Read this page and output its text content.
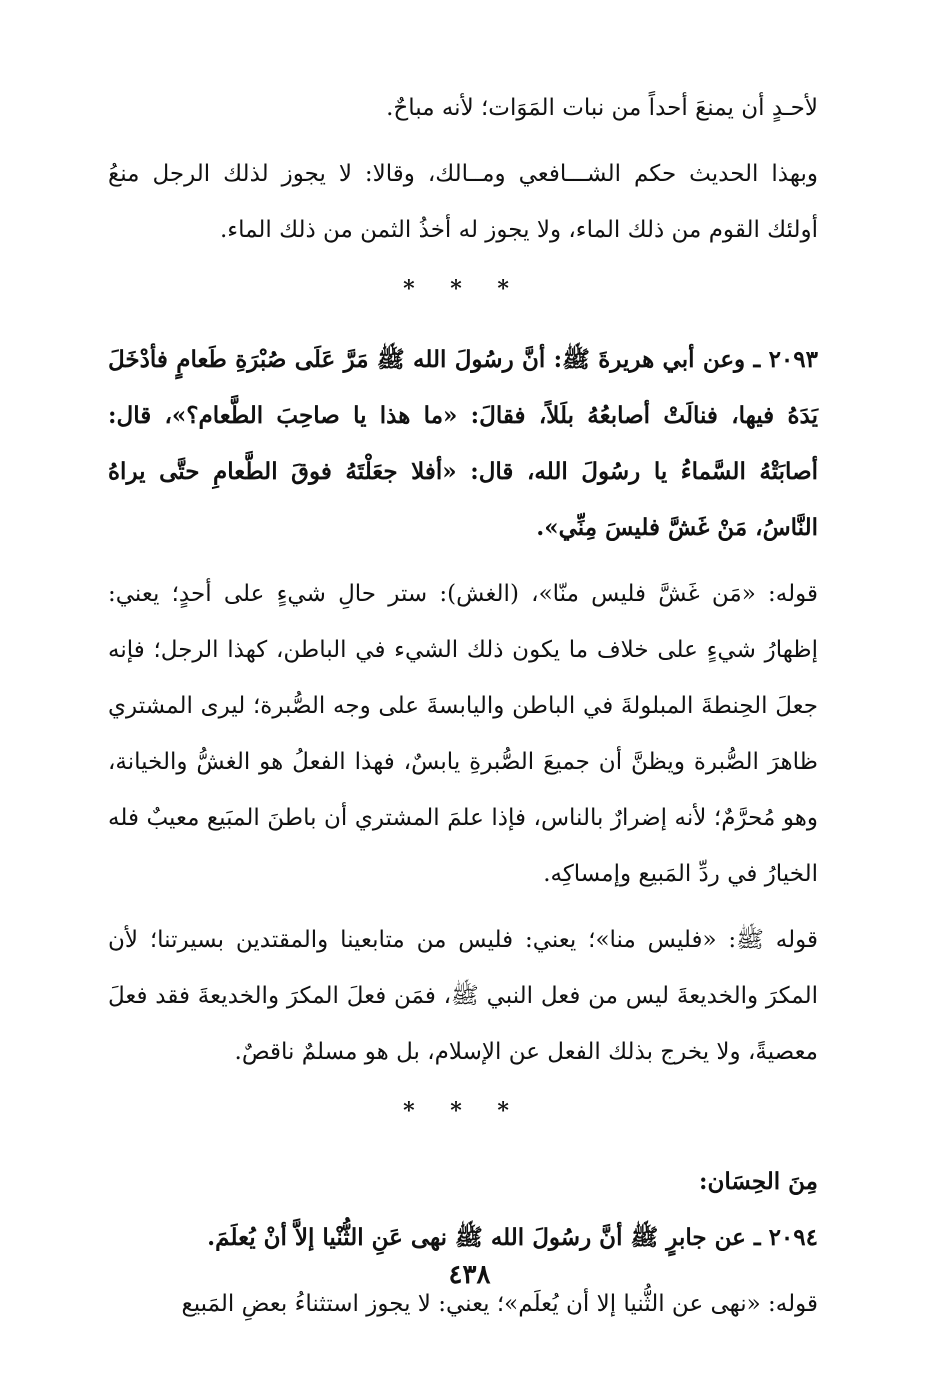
لأحـدٍ أن يمنعَ أحداً من نبات المَوَات؛ لأنه مباحٌ.

وبهذا الحديث حكم الشـــافعي ومــالك، وقالا: لا يجوز لذلك الرجل منعُ أولئك القوم من ذلك الماء، ولا يجوز له أخذُ الثمن من ذلك الماء.

* * *

٢٠٩٣ ـ وعن أبي هريرةَ ﷺ: أنَّ رسُولَ الله ﷺ مَرَّ عَلَى صُبْرَةِ طَعامٍ فأدْخَلَ يَدَهُ فيها، فنالَتْ أصابعُهُ بلَلاً، فقالَ: «ما هذا يا صاحِبَ الطَّعام؟»، قال: أصابَتْهُ السَّماءُ يا رسُولَ الله، قال: «أفلا جعَلْتَهُ فوقَ الطَّعامِ حتَّى يراهُ النَّاسُ، مَنْ غَشَّ فليسَ مِنِّي».

قوله: «مَن غَشَّ فليس منّا»، (الغش): ستر حالِ شيءٍ على أحدٍ؛ يعني: إظهارُ شيءٍ على خلاف ما يكون ذلك الشيء في الباطن، كهذا الرجل؛ فإنه جعلَ الحِنطةَ المبلولةَ في الباطن واليابسةَ على وجه الصُّبرة؛ ليرى المشتري ظاهرَ الصُّبرة ويظنَّ أن جميعَ الصُّبرةِ يابسٌ، فهذا الفعلُ هو الغشُّ والخيانة، وهو مُحرَّمٌ؛ لأنه إضرارٌ بالناس، فإذا علمَ المشتري أن باطنَ المبَيع معيبٌ فله الخيارُ في ردِّ المَبيع وإمساكِه.

قوله ﷺ: «فليس منا»؛ يعني: فليس من متابعينا والمقتدين بسيرتنا؛ لأن المكرَ والخديعةَ ليس من فعل النبي ﷺ، فمَن فعلَ المكرَ والخديعةَ فقد فعلَ معصيةً، ولا يخرج بذلك الفعل عن الإسلام، بل هو مسلمٌ ناقصٌ.

* * *

مِنَ الحِسَان:

٢٠٩٤ ـ عن جابرٍ ﷺ أنَّ رسُولَ الله ﷺ نهى عَنِ الثُّنْيا إلاَّ أنْ يُعلَمَ.

قوله: «نهى عن الثُّنيا إلا أن يُعلَم»؛ يعني: لا يجوز استثناءُ بعضِ المَبيع

٤٣٨
